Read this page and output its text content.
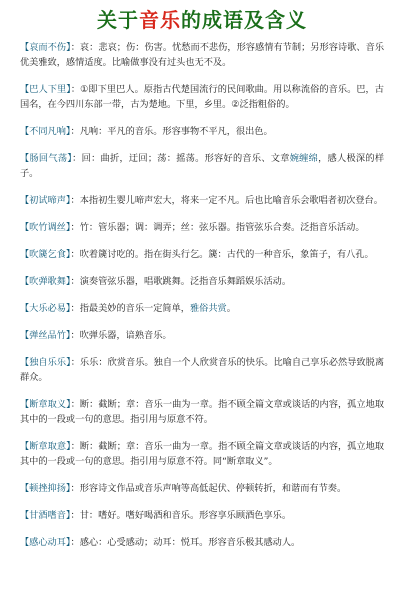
关于音乐的成语及含义

【哀而不伤】：哀：悲哀；伤：伤害。忧愁而不悲伤，形容感情有节制；另形容诗歌、音乐优美雅致，感情适度。比喻做事没有过头也无不及。

【巴人下里】：①即下里巴人。原指古代楚国流行的民间歌曲。用以称流俗的音乐。巴，古国名，在今四川东部一带，古为楚地。下里，乡里。②泛指粗俗的。

【不同凡响】：凡响：平凡的音乐。形容事物不平凡，很出色。

【肠回气荡】：回：曲折，迂回；荡：摇荡。形容好的音乐、文章婉缠绵，感人极深的样子。

【初试啼声】：本指初生婴儿啼声宏大，将来一定不凡。后也比喻音乐会歌唱者初次登台。

【吹竹调丝】：竹：管乐器；调：调弄；丝：弦乐器。指管弦乐合奏。泛指音乐活动。

【吹篪乞食】：吹着篪讨吃的。指在街头行乞。篪：古代的一种音乐，象笛子，有八孔。

【吹弹歌舞】：演奏管弦乐器，唱歌跳舞。泛指音乐舞蹈娱乐活动。

【大乐必易】：指最美妙的音乐一定简单，雅俗共赏。

【弹丝品竹】：吹弹乐器，谙熟音乐。

【独自乐乐】：乐乐：欣赏音乐。独自一个人欣赏音乐的快乐。比喻自己享乐必然导致脱离群众。

【断章取义】：断：截断；章：音乐一曲为一章。指不顾全篇文章或谈话的内容，孤立地取其中的一段或一句的意思。指引用与原意不符。

【断章取意】：断：截断；章：音乐一曲为一章。指不顾全篇文章或谈话的内容，孤立地取其中的一段或一句的意思。指引用与原意不符。同“断章取义”。

【顿挫抑扬】：形容诗文作品或音乐声响等高低起伏、停顿转折，和谐而有节奏。

【甘酒嗜音】：甘：嗜好。嗜好喝酒和音乐。形容享乐顾酒色享乐。

【感心动耳】：感心：心受感动；动耳：悦耳。形容音乐极其感动人。
